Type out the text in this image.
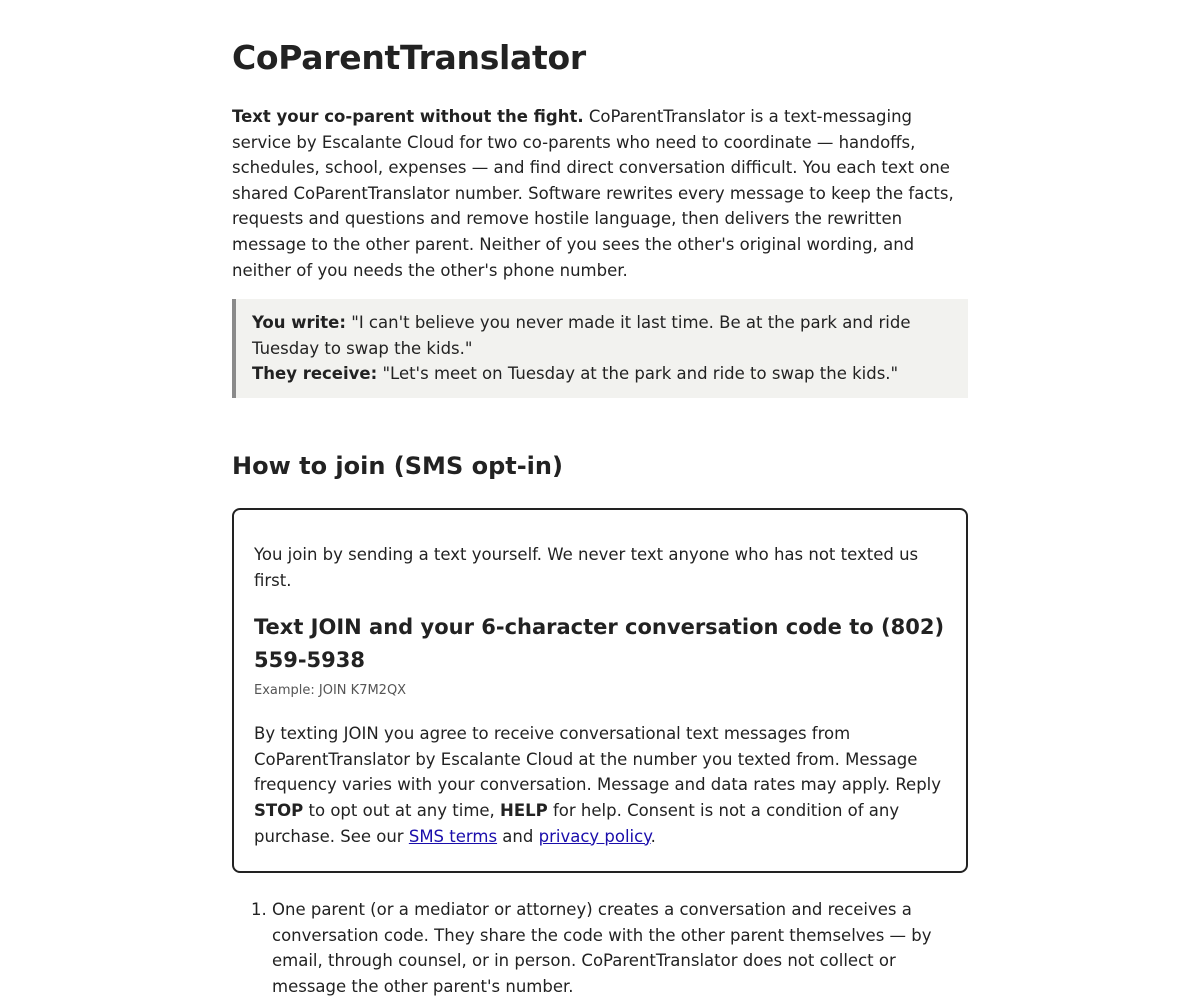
CoParentTranslator

Text your co-parent without the fight. CoParentTranslator is a text-messaging service by Escalante Cloud for two co-parents who need to coordinate — handoffs, schedules, school, expenses — and find direct conversation difficult. You each text one shared CoParentTranslator number. Software rewrites every message to keep the facts, requests and questions and remove hostile language, then delivers the rewritten message to the other parent. Neither of you sees the other's original wording, and neither of you needs the other's phone number.

You write: "I can't believe you never made it last time. Be at the park and ride Tuesday to swap the kids."
They receive: "Let's meet on Tuesday at the park and ride to swap the kids."
How to join (SMS opt-in)

You join by sending a text yourself. We never text anyone who has not texted us first.

Text JOIN and your 6-character conversation code to (802) 559-5938
Example: JOIN K7M2QX

By texting JOIN you agree to receive conversational text messages from CoParentTranslator by Escalante Cloud at the number you texted from. Message frequency varies with your conversation. Message and data rates may apply. Reply STOP to opt out at any time, HELP for help. Consent is not a condition of any purchase. See our SMS terms and privacy policy.

1. One parent (or a mediator or attorney) creates a conversation and receives a conversation code. They share the code with the other parent themselves — by email, through counsel, or in person. CoParentTranslator does not collect or message the other parent's number.
